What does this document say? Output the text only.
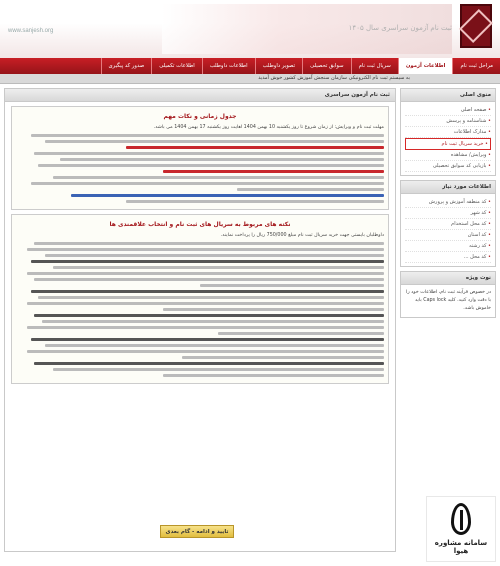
www.sanjesh.org	ثبت نام آزمون سراسری سال ۱۴۰۵
مراحل ثبت نام
اطلاعات آزمون
سریال ثبت نام
سوابق تحصیلی
تصویر داوطلب
اطلاعات داوطلب
اطلاعات تکمیلی
صدور کد پیگیری
به سیستم ثبت نام الکترونیکی سازمان سنجش آموزش کشور خوش آمدید
منوی اصلی
• صفحه اصلی
• شناسنامه و پرسش
• مدارک اطلاعات
• خرید سریال ثبت نام
• ویرایش/ مشاهده
• بازیابی کد سوابق تحصیلی
اطلاعات مورد نیاز
• کد منطقه آموزش و پرورش
• کد شهر
• کد محل استخدام
• کد استان
• کد رشته
• کد محل ...
نوت ویژه
در خصوص فرآیند ثبت نام، اطلاعات خود را با دقت وارد کنید. کلید Caps lock باید خاموش باشد.
ثبت نام آزمون سراسری
جدول زمانی و نکات مهم
مهلت ثبت نام و ویرایش: از زمان شروع تا روز یکشنبه 10 بهمن 1404 لغایت روز یکشنبه 17 بهمن 1404 می باشد.
نکته های مربوط به سریال های ثبت نام و انتخاب علاقمندی ها
داوطلبان بایستی جهت خرید سریال ثبت نام مبلغ 750/000 ریال را پرداخت نمایند.
تایید و ادامه - گام بعدی
سامانه مشاوره هیوا
